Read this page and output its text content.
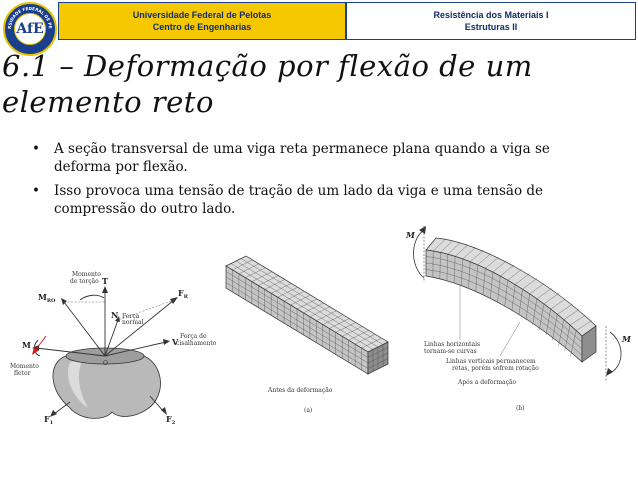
RSIDADE FEDERAL DE PE
AfE
Universidade Federal de Pelotas
Centro de Engenharias
Resistência dos Materiais I
Estruturas II
6.1 – Deformação por flexão de um
elemento reto
• A seção transversal de uma viga reta permanece plana quando a viga se deforma por flexão.
• Isso provoca uma tensão de tração de um lado da viga e uma tensão de compressão do outro lado.
Momento
de torção T
$M_{RO}$
$F_R$
N Força
normal
V
Força de
cisalhamento
M
O
Momento
fletor
$F_1$	$F_2$
Antes da deformação
(a)
M
M
Linhas horizontais
tornam-se curvas
Linhas verticais permanecem
retas, porém sofrem rotação
Após a deformação
(b)
